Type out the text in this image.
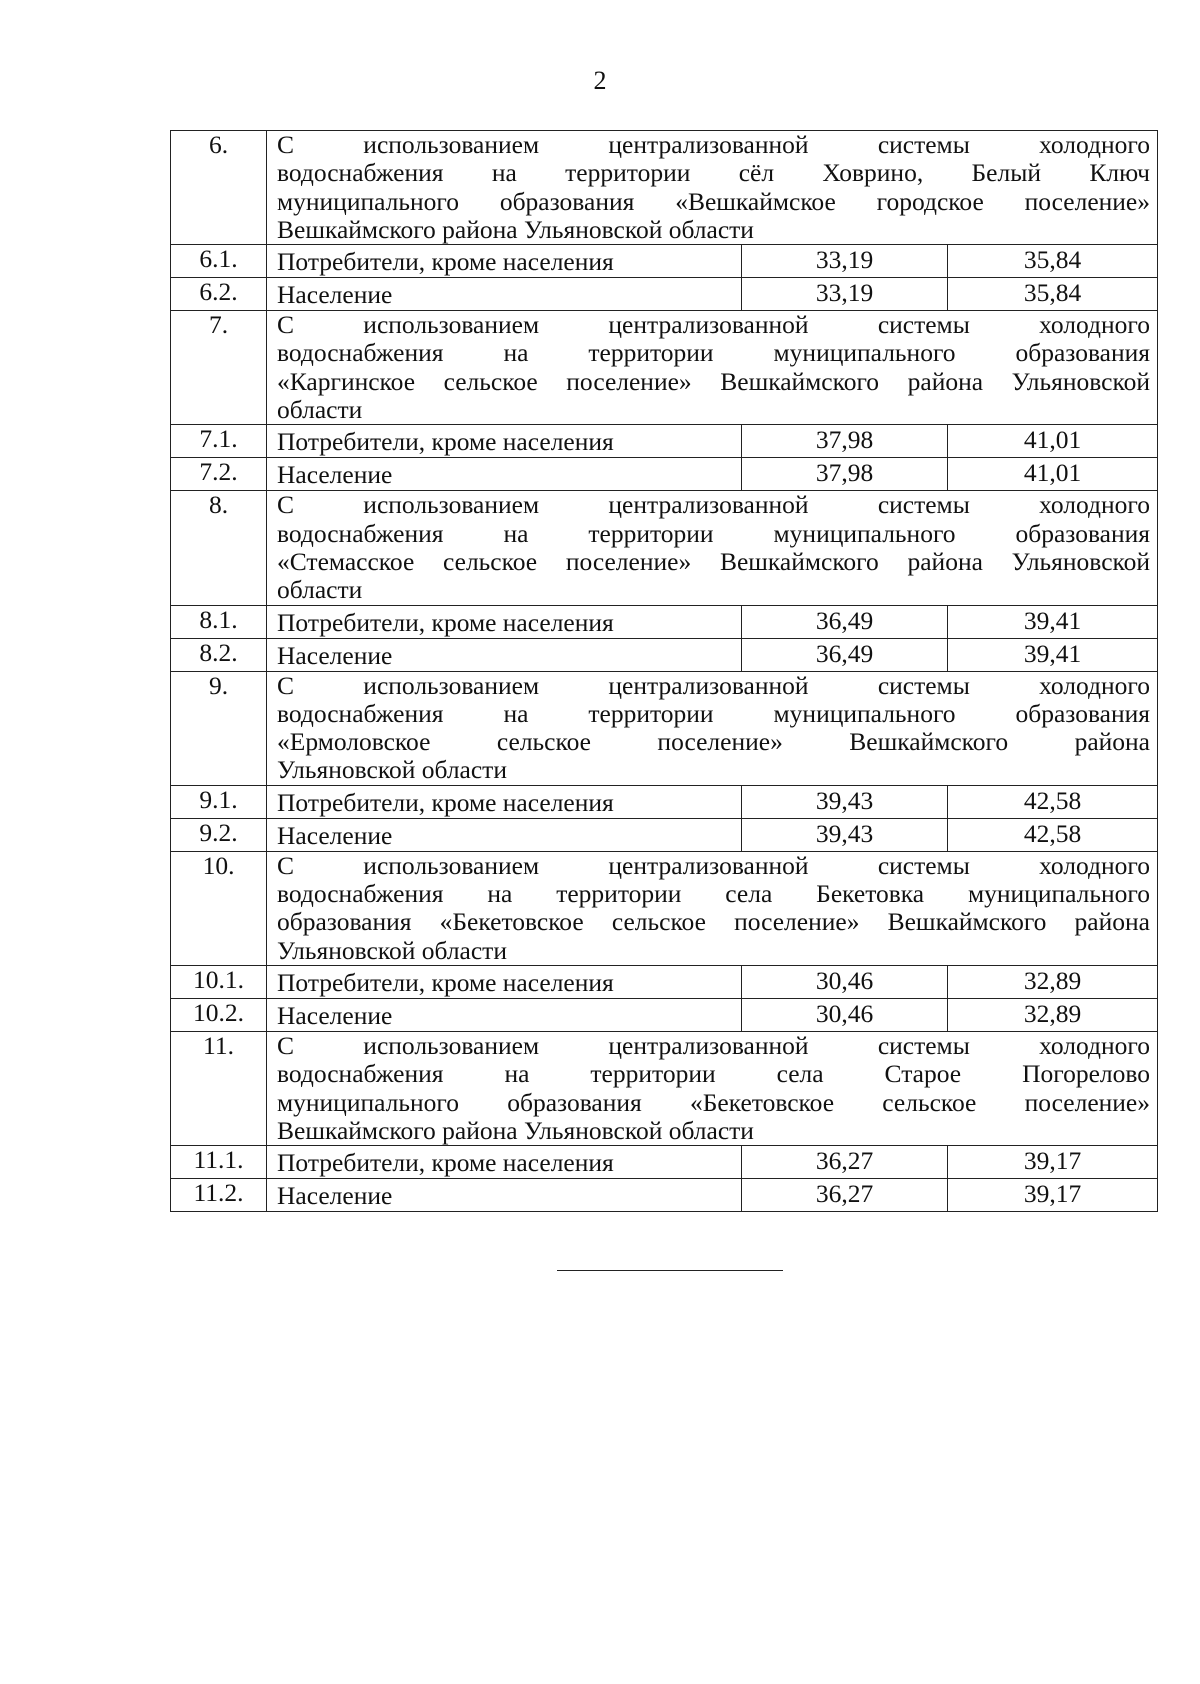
2
6.	С использованием централизованной системы холодного
водоснабжения на территории сёл Ховрино, Белый Ключ
муниципального образования «Вешкаймское городское поселение»
Вешкаймского района Ульяновской области		

6.1.	Потребители, кроме населения	33,19	35,84
6.2.	Население	33,19	35,84
7.	С использованием централизованной системы холодного
водоснабжения на территории муниципального образования
«Каргинское сельское поселение» Вешкаймского района Ульяновской
области		

7.1.	Потребители, кроме населения	37,98	41,01
7.2.	Население	37,98	41,01
8.	С использованием централизованной системы холодного
водоснабжения на территории муниципального образования
«Стемасское сельское поселение» Вешкаймского района Ульяновской
области		

8.1.	Потребители, кроме населения	36,49	39,41
8.2.	Население	36,49	39,41
9.	С использованием централизованной системы холодного
водоснабжения на территории муниципального образования
«Ермоловское сельское поселение» Вешкаймского района
Ульяновской области		

9.1.	Потребители, кроме населения	39,43	42,58
9.2.	Население	39,43	42,58
10.	С использованием централизованной системы холодного
водоснабжения на территории села Бекетовка муниципального
образования «Бекетовское сельское поселение» Вешкаймского района
Ульяновской области		

10.1.	Потребители, кроме населения	30,46	32,89
10.2.	Население	30,46	32,89
11.	С использованием централизованной системы холодного
водоснабжения на территории села Старое Погорелово
муниципального образования «Бекетовское сельское поселение»
Вешкаймского района Ульяновской области		

11.1.	Потребители, кроме населения	36,27	39,17
11.2.	Население	36,27	39,17
